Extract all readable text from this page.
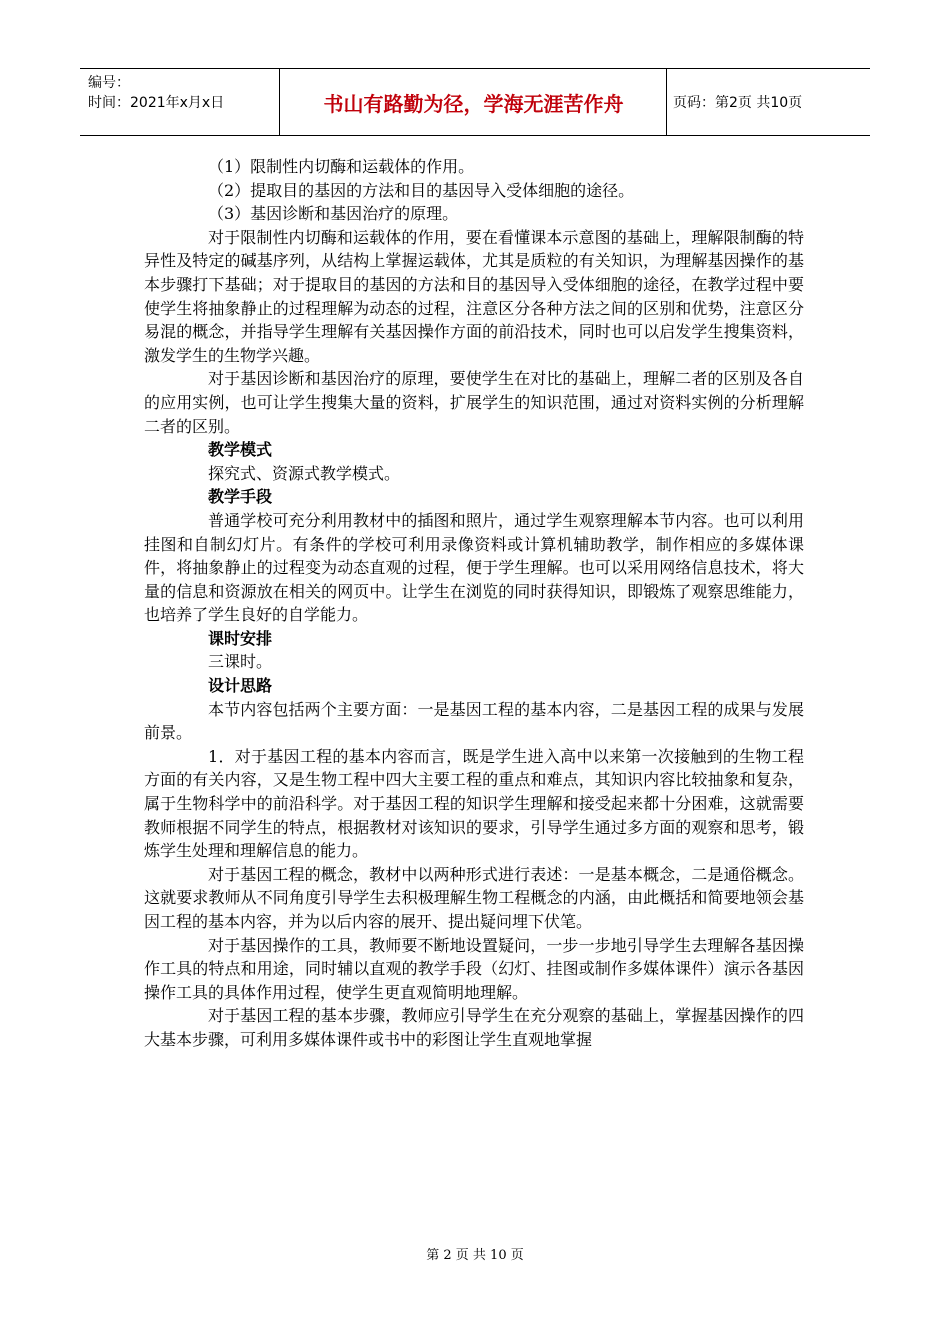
编号：
时间：2021年x月x日	书山有路勤为径，学海无涯苦作舟	页码：第2页 共10页

（1）限制性内切酶和运载体的作用。

（2）提取目的基因的方法和目的基因导入受体细胞的途径。

（3）基因诊断和基因治疗的原理。

对于限制性内切酶和运载体的作用，要在看懂课本示意图的基础上，理解限制酶的特异性及特定的碱基序列，从结构上掌握运载体，尤其是质粒的有关知识，为理解基因操作的基本步骤打下基础；对于提取目的基因的方法和目的基因导入受体细胞的途径，在教学过程中要使学生将抽象静止的过程理解为动态的过程，注意区分各种方法之间的区别和优势，注意区分易混的概念，并指导学生理解有关基因操作方面的前沿技术，同时也可以启发学生搜集资料，激发学生的生物学兴趣。

对于基因诊断和基因治疗的原理，要使学生在对比的基础上，理解二者的区别及各自的应用实例，也可让学生搜集大量的资料，扩展学生的知识范围，通过对资料实例的分析理解二者的区别。

教学模式

探究式、资源式教学模式。

教学手段

普通学校可充分利用教材中的插图和照片，通过学生观察理解本节内容。也可以利用挂图和自制幻灯片。有条件的学校可利用录像资料或计算机辅助教学，制作相应的多媒体课件，将抽象静止的过程变为动态直观的过程，便于学生理解。也可以采用网络信息技术，将大量的信息和资源放在相关的网页中。让学生在浏览的同时获得知识，即锻炼了观察思维能力，也培养了学生良好的自学能力。

课时安排

三课时。

设计思路

本节内容包括两个主要方面：一是基因工程的基本内容，二是基因工程的成果与发展前景。

1．对于基因工程的基本内容而言，既是学生进入高中以来第一次接触到的生物工程方面的有关内容，又是生物工程中四大主要工程的重点和难点，其知识内容比较抽象和复杂，属于生物科学中的前沿科学。对于基因工程的知识学生理解和接受起来都十分困难，这就需要教师根据不同学生的特点，根据教材对该知识的要求，引导学生通过多方面的观察和思考，锻炼学生处理和理解信息的能力。

对于基因工程的概念，教材中以两种形式进行表述：一是基本概念，二是通俗概念。这就要求教师从不同角度引导学生去积极理解生物工程概念的内涵，由此概括和简要地领会基因工程的基本内容，并为以后内容的展开、提出疑问埋下伏笔。

对于基因操作的工具，教师要不断地设置疑问，一步一步地引导学生去理解各基因操作工具的特点和用途，同时辅以直观的教学手段（幻灯、挂图或制作多媒体课件）演示各基因操作工具的具体作用过程，使学生更直观简明地理解。

对于基因工程的基本步骤，教师应引导学生在充分观察的基础上，掌握基因操作的四大基本步骤，可利用多媒体课件或书中的彩图让学生直观地掌握

第 2 页 共 10 页
